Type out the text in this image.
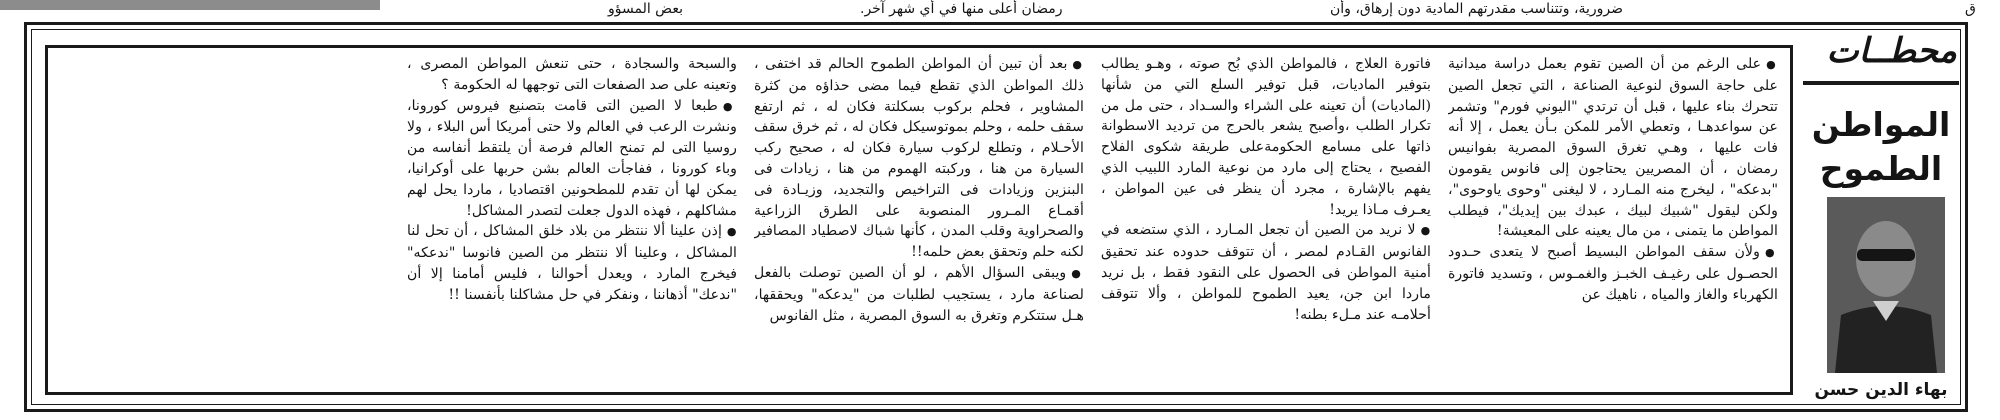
ق
ضرورية، وتتناسب مقدرتهم المادية دون إرهاق، وأن
رمضان أعلى منها في أي شهر آخر.
بعض المسؤو

● على الرغم من أن الصين تقوم بعمل دراسة ميدانية على حاجة السوق لنوعية الصناعة ، التي تجعل الصين تتحرك بناء عليها ، قبل أن ترتدي "اليوني فورم" وتشمر عن سواعدهـا ، وتعطي الأمر للمكن بـأن يعمل ، إلا أنه فات عليها ، وهـي تغرق السوق المصرية بفوانيس رمضان ، أن المصريين يحتاجون إلى فانوس يقومون "بدعكه" ، ليخرج منه المـارد ، لا ليغنى "وحوى ياوحوى"، ولكن ليقول "شبيك لبيك ، عبدك بين إيديك"، فيطلب المواطن ما يتمنى ، من مال يعينه على المعيشة!

● ولأن سقف المواطن البسيط أصبح لا يتعدى حـدود الحصـول على رغيـف الخبـز والغمـوس ، وتسديد فاتورة الكهرباء والغاز والمياه ، ناهيك عن

فاتورة العلاج ، فالمواطن الذي بُح صوته ، وهـو يطالب بتوفير الماديات، قبل توفير السلع التي من شأنها (الماديات) أن تعينه على الشراء والسـداد ، حتى مل من تكرار الطلب ،وأصبح يشعر بالحرج من ترديد الاسطوانة ذاتها على مسامع الحكومةعلى طريقة شكوى الفلاح الفصيح ، يحتاج إلى مارد من نوعية المارد اللبيب الذي يفهم بالإشارة ، مجرد أن ينظر فى عين المواطن ، يعـرف مـاذا يريد!

● لا نريد من الصين أن تجعل المـارد ، الذي ستضعه في الفانوس القـادم لمصر ، أن تتوقف حدوده عند تحقيق أمنية المواطن فى الحصول على النقود فقط ، بل نريد ماردا ابن جن، يعيد الطموح للمواطن ، وألا تتوقف أحلامـه عند مـلء بطنه!

● بعد أن تبين أن المواطن الطموح الحالم قد اختفى ، ذلك المواطن الذي تقطع فيما مضى حذاؤه من كثرة المشاوير ، فحلم بركوب بسكلتة فكان له ، ثم ارتفع سقف حلمه ، وحلم بموتوسيكل فكان له ، ثم خرق سقف الأحـلام ، وتطلع لركوب سيارة فكان له ، صحيح ركب السيارة من هنا ، وركبته الهموم من هنا ، زيادات فى البنزين وزيادات فى التراخيص والتجديد، وزيـادة فى أقمـاع المـرور المنصوبة على الطرق الزراعية والصحراوية وقلب المدن ، كأنها شباك لاصطياد المصافير لكنه حلم وتحقق بعض حلمه!!

● ويبقى السؤال الأهم ، لو أن الصين توصلت بالفعل لصناعة مارد ، يستجيب لطلبات من "يدعكه" ويحققها، هـل ستتكرم وتغرق به السوق المصرية ، مثل الفانوس

والسبحة والسجادة ، حتى تنعش المواطن المصرى ، وتعينه على صد الصفعات التى توجهها له الحكومة ؟

● طبعا لا الصين التى قامت بتصنيع فيروس كورونا، ونشرت الرعب في العالم ولا حتى أمريكا أس البلاء ، ولا روسيا التى لم تمنح العالم فرصة أن يلتقط أنفاسه من وباء كورونا ، ففاجأت العالم بشن حربها على أوكرانيا، يمكن لها أن تقدم للمطحونين اقتصاديا ، ماردا يحل لهم مشاكلهم ، فهذه الدول جعلت لتصدر المشاكل!

● إذن علينا ألا ننتظر من بلاد خلق المشاكل ، أن تحل لنا المشاكل ، وعلينا ألا ننتظر من الصين فانوسا "ندعكه" فيخرج المارد ، ويعدل أحوالنا ، فليس أمامنا إلا أن "ندعك" أذهاننا ، ونفكر في حل مشاكلنا بأنفسنا !!

محطــات
المواطن
الطموح
بهاء الدين حسن
